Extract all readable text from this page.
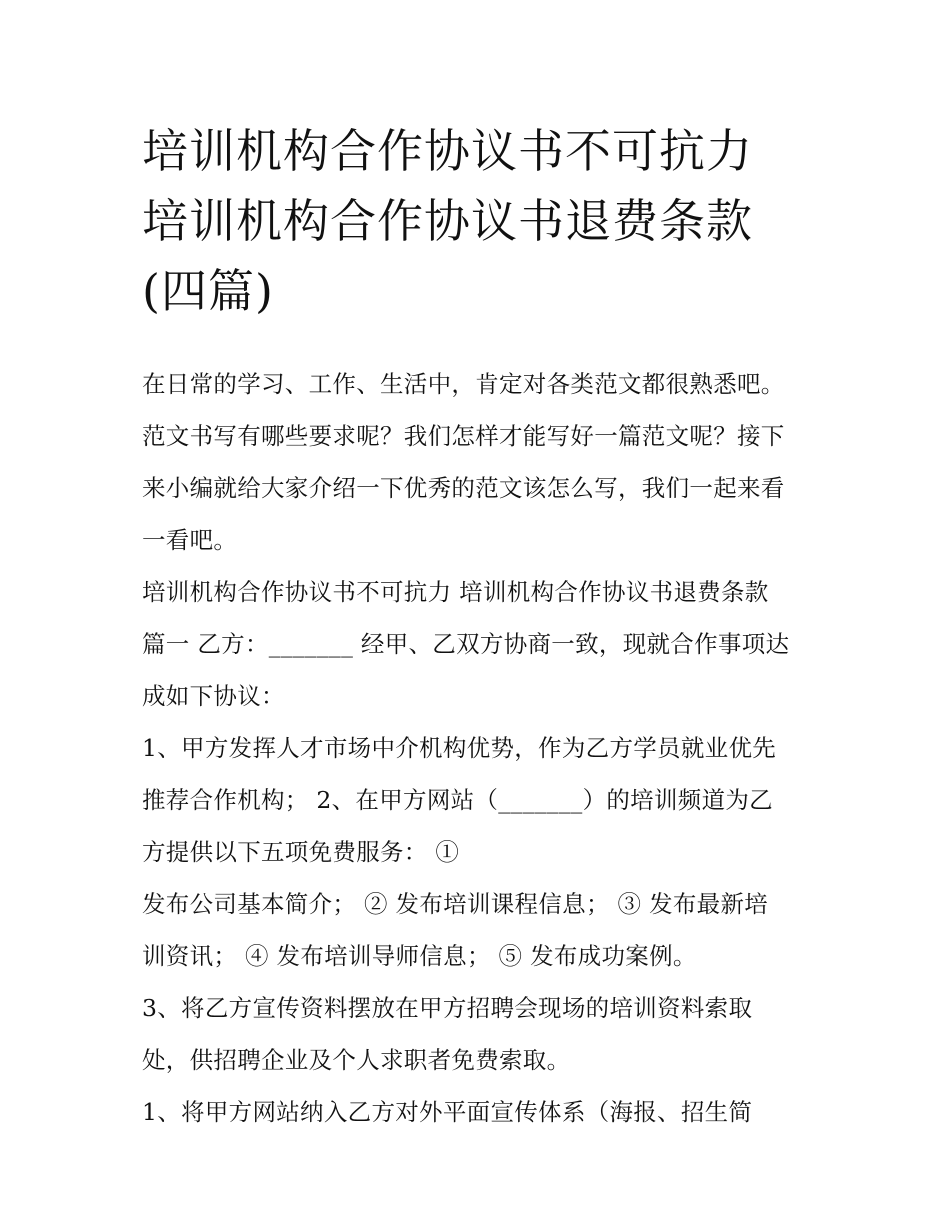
培训机构合作协议书不可抗力
培训机构合作协议书退费条款
(四篇)
在日常的学习、工作、生活中，肯定对各类范文都很熟悉吧。
范文书写有哪些要求呢？我们怎样才能写好一篇范文呢？接下
来小编就给大家介绍一下优秀的范文该怎么写，我们一起来看
一看吧。
培训机构合作协议书不可抗力 培训机构合作协议书退费条款
篇一 乙方：_______ 经甲、乙双方协商一致，现就合作事项达
成如下协议：
1、甲方发挥人才市场中介机构优势，作为乙方学员就业优先
推荐合作机构； 2、在甲方网站（_______）的培训频道为乙
方提供以下五项免费服务： ①
发布公司基本简介； ② 发布培训课程信息； ③ 发布最新培
训资讯； ④ 发布培训导师信息； ⑤ 发布成功案例。
3、将乙方宣传资料摆放在甲方招聘会现场的培训资料索取
处，供招聘企业及个人求职者免费索取。
1、将甲方网站纳入乙方对外平面宣传体系（海报、招生简
